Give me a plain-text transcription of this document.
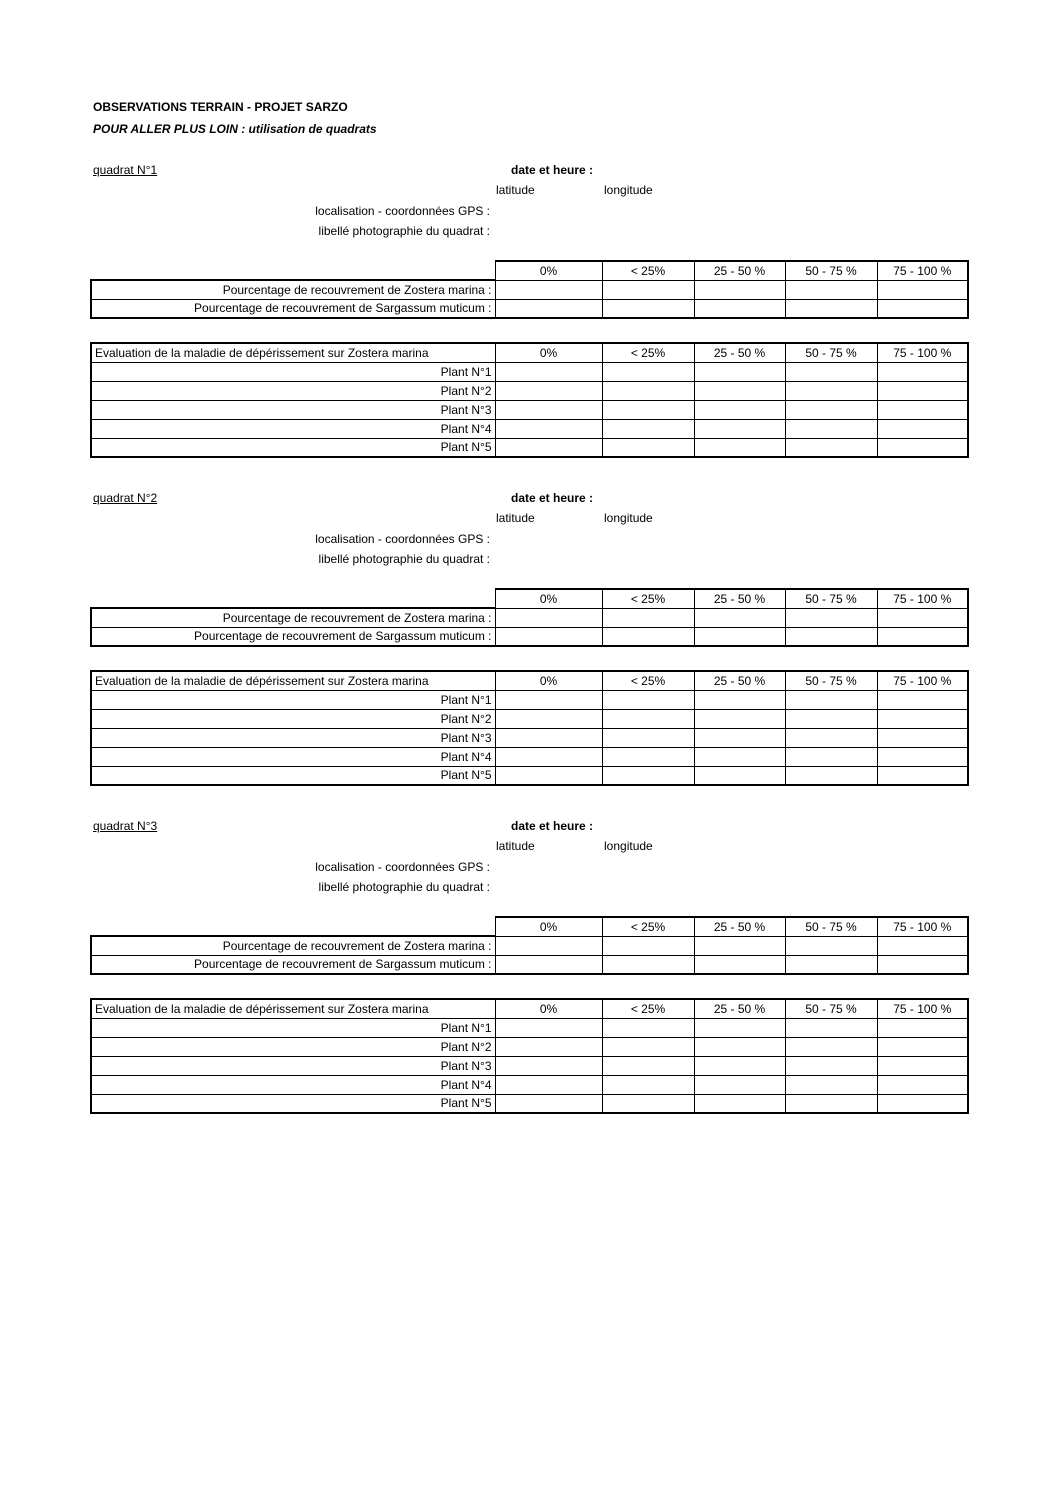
OBSERVATIONS TERRAIN - PROJET SARZO
POUR ALLER PLUS LOIN : utilisation de quadrats
quadrat N°1	date et heure :
latitude	longitude
localisation - coordonnées GPS :
libellé photographie du quadrat :
	0%	< 25%	25 - 50 %	50 - 75 %	75 - 100 %
Pourcentage de recouvrement de Zostera marina :					
Pourcentage de recouvrement de Sargassum muticum :					
Evaluation de la maladie de dépérissement sur Zostera marina	0%	< 25%	25 - 50 %	50 - 75 %	75 - 100 %
Plant N°1					
Plant N°2					
Plant N°3					
Plant N°4					
Plant N°5					
quadrat N°2	date et heure :
latitude	longitude
localisation - coordonnées GPS :
libellé photographie du quadrat :
	0%	< 25%	25 - 50 %	50 - 75 %	75 - 100 %
Pourcentage de recouvrement de Zostera marina :					
Pourcentage de recouvrement de Sargassum muticum :					
Evaluation de la maladie de dépérissement sur Zostera marina	0%	< 25%	25 - 50 %	50 - 75 %	75 - 100 %
Plant N°1					
Plant N°2					
Plant N°3					
Plant N°4					
Plant N°5					
quadrat N°3	date et heure :
latitude	longitude
localisation - coordonnées GPS :
libellé photographie du quadrat :
	0%	< 25%	25 - 50 %	50 - 75 %	75 - 100 %
Pourcentage de recouvrement de Zostera marina :					
Pourcentage de recouvrement de Sargassum muticum :					
Evaluation de la maladie de dépérissement sur Zostera marina	0%	< 25%	25 - 50 %	50 - 75 %	75 - 100 %
Plant N°1					
Plant N°2					
Plant N°3					
Plant N°4					
Plant N°5					
